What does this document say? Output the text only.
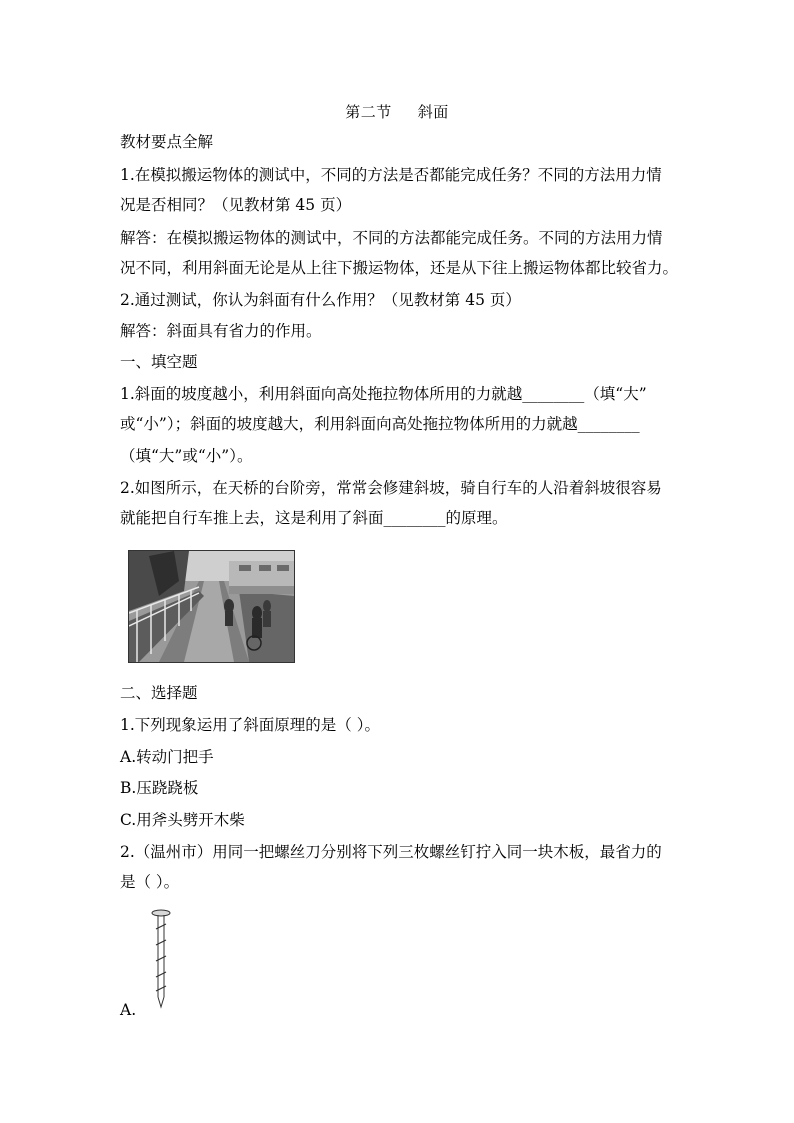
第二节 斜面
教材要点全解
1.在模拟搬运物体的测试中，不同的方法是否都能完成任务？不同的方法用力情
况是否相同？（见教材第 45 页）
解答：在模拟搬运物体的测试中，不同的方法都能完成任务。不同的方法用力情
况不同，利用斜面无论是从上往下搬运物体，还是从下往上搬运物体都比较省力。
2.通过测试，你认为斜面有什么作用？（见教材第 45 页）
解答：斜面具有省力的作用。
一、填空题
1.斜面的坡度越小，利用斜面向高处拖拉物体所用的力就越________（填“大”
或“小”）；斜面的坡度越大，利用斜面向高处拖拉物体所用的力就越________
（填“大”或“小”）。
2.如图所示，在天桥的台阶旁，常常会修建斜坡，骑自行车的人沿着斜坡很容易
就能把自行车推上去，这是利用了斜面________的原理。
二、选择题
1.下列现象运用了斜面原理的是（ ）。
A.转动门把手
B.压跷跷板
C.用斧头劈开木柴
2.（温州市）用同一把螺丝刀分别将下列三枚螺丝钉拧入同一块木板，最省力的
是（ ）。
A.
